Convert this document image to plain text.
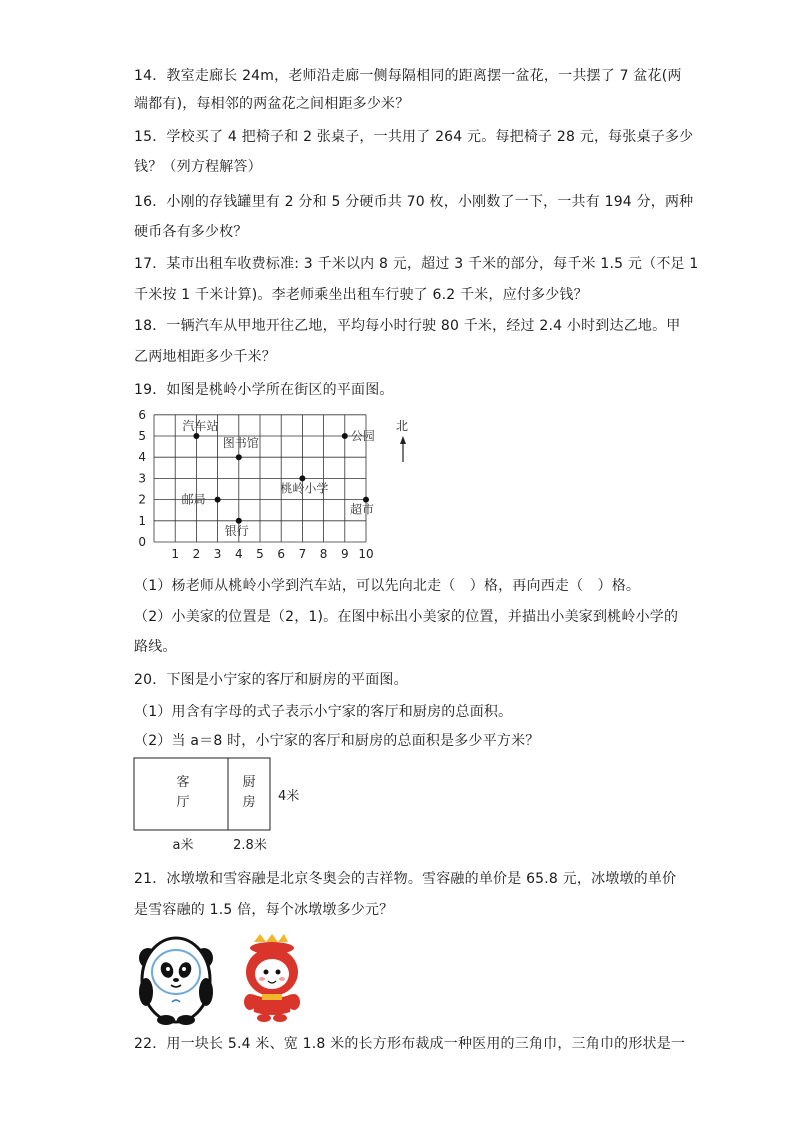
14．教室走廊长 24m，老师沿走廊一侧每隔相同的距离摆一盆花，一共摆了 7 盆花(两
端都有)，每相邻的两盆花之间相距多少米？
15．学校买了 4 把椅子和 2 张桌子，一共用了 264 元。每把椅子 28 元，每张桌子多少
钱？（列方程解答）
16．小刚的存钱罐里有 2 分和 5 分硬币共 70 枚，小刚数了一下，一共有 194 分，两种
硬币各有多少枚？
17．某市出租车收费标准: 3 千米以内 8 元，超过 3 千米的部分，每千米 1.5 元（不足 1
千米按 1 千米计算)。李老师乘坐出租车行驶了 6.2 千米，应付多少钱？
18．一辆汽车从甲地开往乙地，平均每小时行驶 80 千米，经过 2.4 小时到达乙地。甲
乙两地相距多少千米？
19．如图是桃岭小学所在街区的平面图。
1 2 3 4 5 6 7 8 9 10
0
1
2
3
4
5
6
汽车站
图书馆
公园
桃岭小学
邮局
超市
银行
北
（1）杨老师从桃岭小学到汽车站，可以先向北走（　）格，再向西走（　）格。
（2）小美家的位置是（2，1)。在图中标出小美家的位置，并描出小美家到桃岭小学的
路线。
20．下图是小宁家的客厅和厨房的平面图。
（1）用含有字母的式子表示小宁家的客厅和厨房的总面积。
（2）当 a＝8 时，小宁家的客厅和厨房的总面积是多少平方米？
客
厅
厨
房 4米
a米	2.8米
21．冰墩墩和雪容融是北京冬奥会的吉祥物。雪容融的单价是 65.8 元，冰墩墩的单价
是雪容融的 1.5 倍，每个冰墩墩多少元？
22．用一块长 5.4 米、宽 1.8 米的长方形布裁成一种医用的三角巾，三角巾的形状是一
